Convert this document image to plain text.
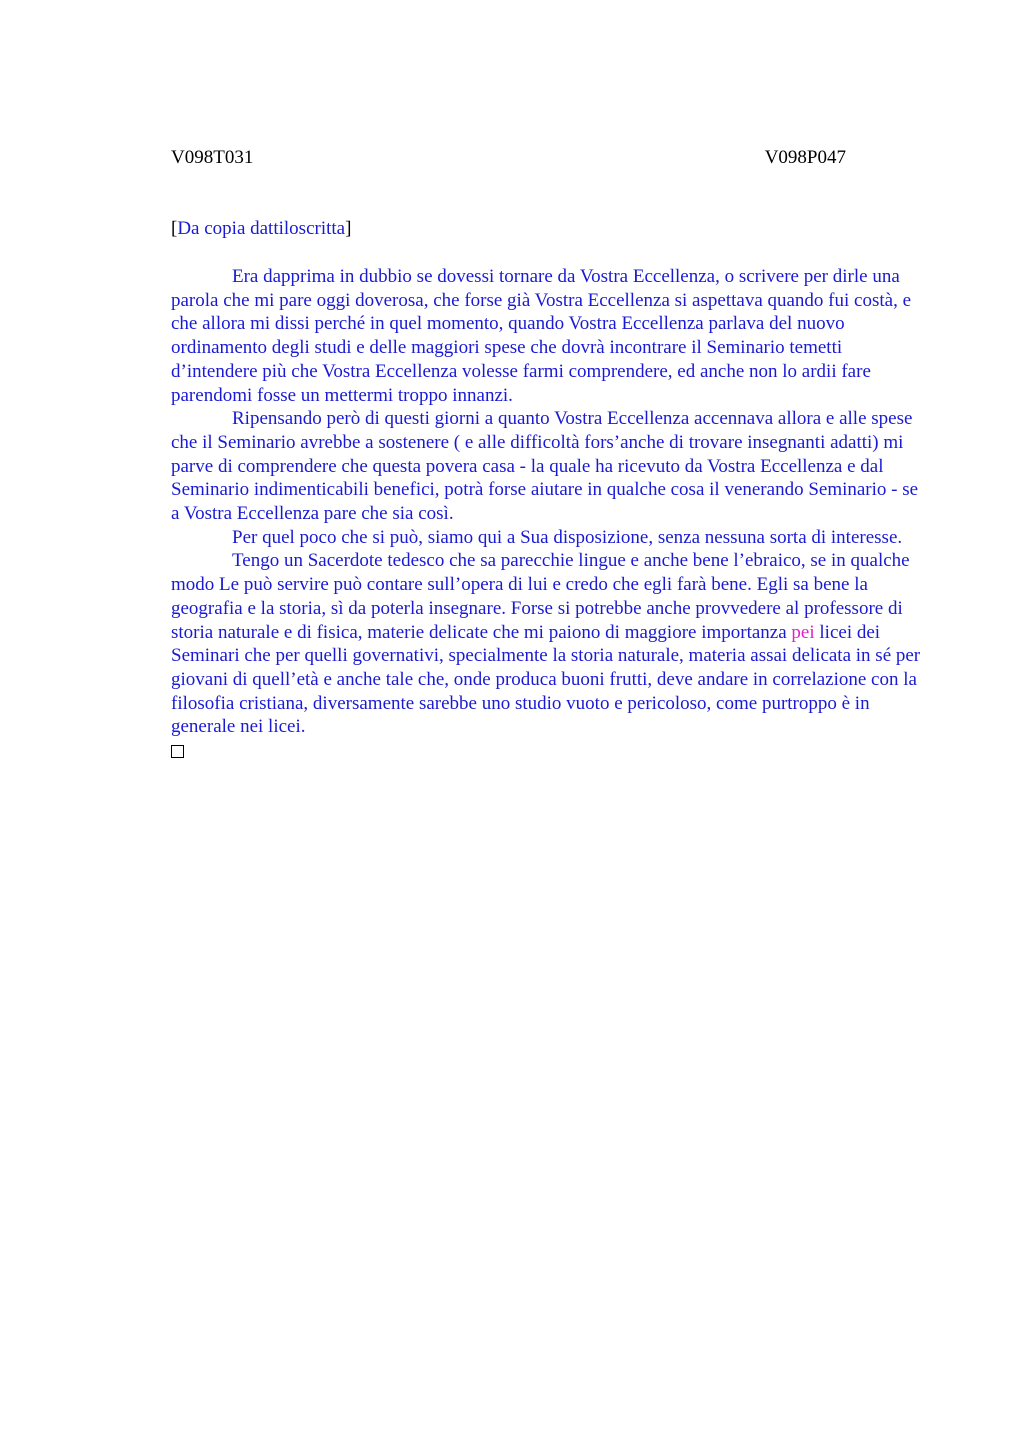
V098T031	V098P047
[Da copia dattiloscritta]

Era dapprima in dubbio se dovessi tornare da Vostra Eccellenza, o scrivere per dirle una parola che mi pare oggi doverosa, che forse già Vostra Eccellenza si aspettava quando fui costà, e che allora mi dissi perché in quel momento, quando Vostra Eccellenza parlava del nuovo ordinamento degli studi e delle maggiori spese che dovrà incontrare il Seminario temetti d’intendere più che Vostra Eccellenza volesse farmi comprendere, ed anche non lo ardii fare parendomi fosse un mettermi troppo innanzi.

Ripensando però di questi giorni a quanto Vostra Eccellenza accennava allora e alle spese che il Seminario avrebbe a sostenere ( e alle difficoltà fors’anche di trovare insegnanti adatti) mi parve di comprendere che questa povera casa - la quale ha ricevuto da Vostra Eccellenza e dal Seminario indimenticabili benefici, potrà forse aiutare in qualche cosa il venerando Seminario - se a Vostra Eccellenza pare che sia così.

Per quel poco che si può, siamo qui a Sua disposizione, senza nessuna sorta di interesse.

Tengo un Sacerdote tedesco che sa parecchie lingue e anche bene l’ebraico, se in qualche modo Le può servire può contare sull’opera di lui e credo che egli farà bene. Egli sa bene la geografia e la storia, sì da poterla insegnare. Forse si potrebbe anche provvedere al professore di storia naturale e di fisica, materie delicate che mi paiono di maggiore importanza pei licei dei Seminari che per quelli governativi, specialmente la storia naturale, materia assai delicata in sé per giovani di quell’età e anche tale che, onde produca buoni frutti, deve andare in correlazione con la filosofia cristiana, diversamente sarebbe uno studio vuoto e pericoloso, come purtroppo è in generale nei licei.
